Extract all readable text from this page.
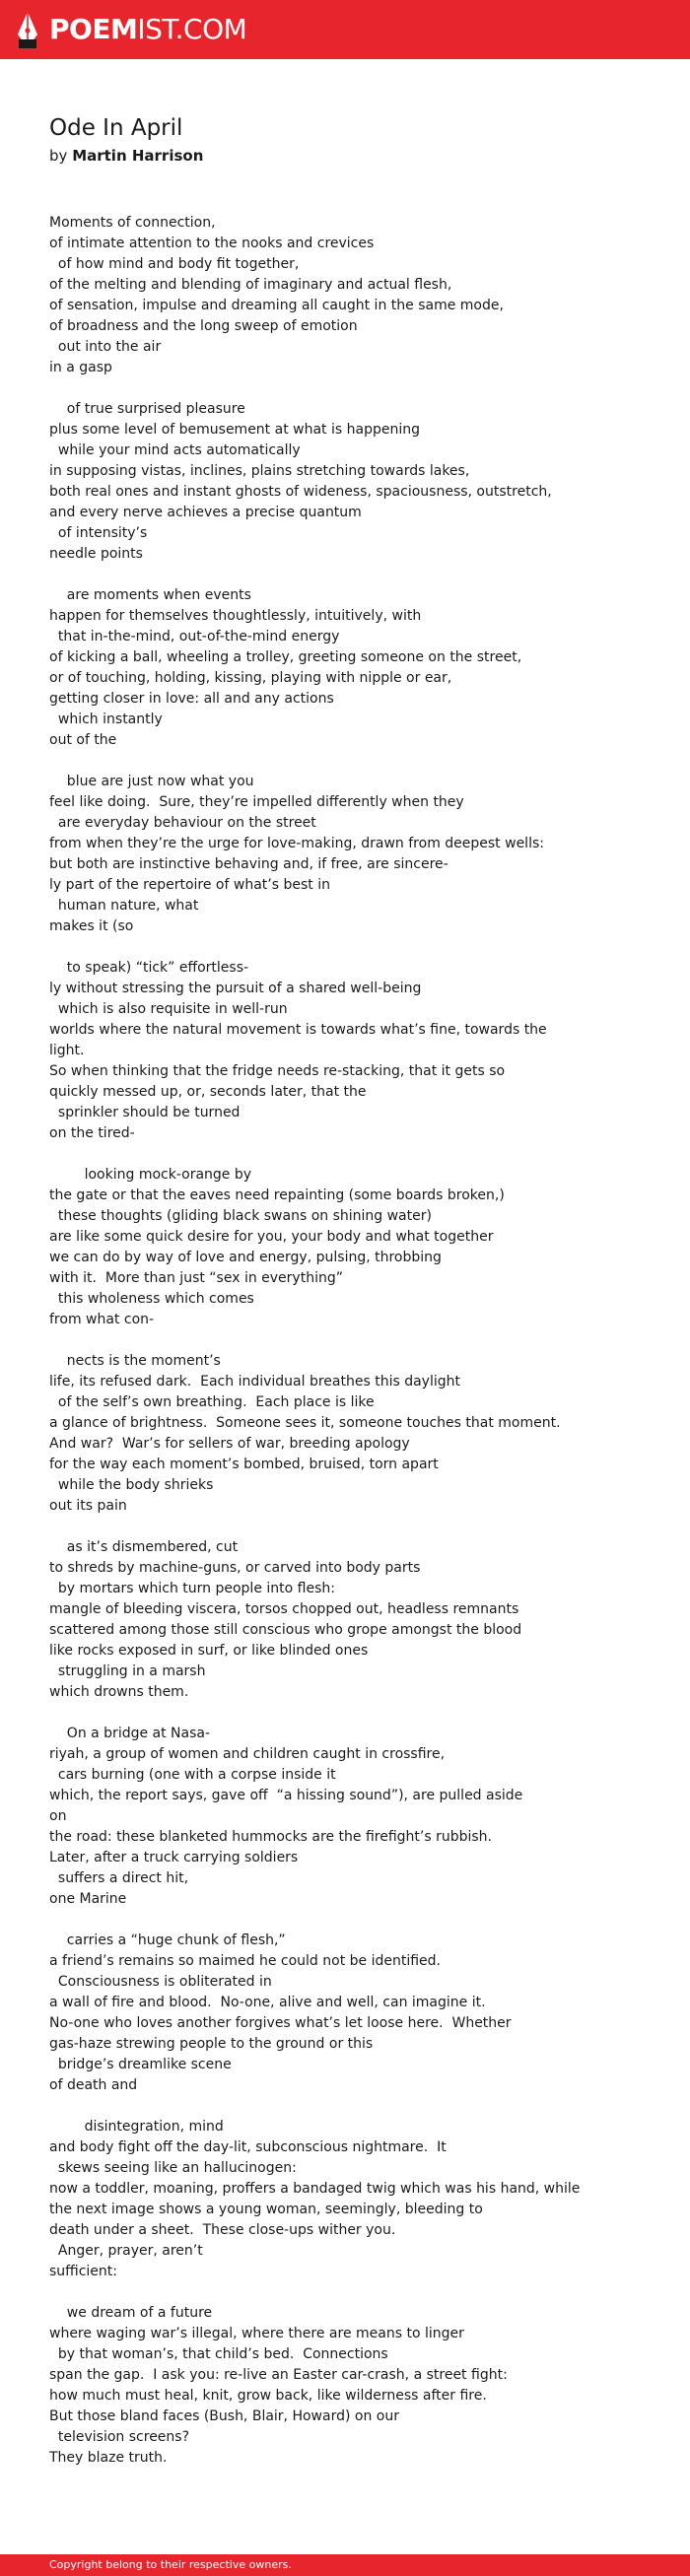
POEMIST.COM
Ode In April
by Martin Harrison
Moments of connection,
of intimate attention to the nooks and crevices
of how mind and body fit together,
of the melting and blending of imaginary and actual flesh,
of sensation, impulse and dreaming all caught in the same mode,
of broadness and the long sweep of emotion
out into the air
in a gasp
of true surprised pleasure
plus some level of bemusement at what is happening
while your mind acts automatically
in supposing vistas, inclines, plains stretching towards lakes,
both real ones and instant ghosts of wideness, spaciousness, outstretch,
and every nerve achieves a precise quantum
of intensity’s
needle points
are moments when events
happen for themselves thoughtlessly, intuitively, with
that in-the-mind, out-of-the-mind energy
of kicking a ball, wheeling a trolley, greeting someone on the street,
or of touching, holding, kissing, playing with nipple or ear,
getting closer in love: all and any actions
which instantly
out of the
blue are just now what you
feel like doing.  Sure, they’re impelled differently when they
are everyday behaviour on the street
from when they’re the urge for love-making, drawn from deepest wells:
but both are instinctive behaving and, if free, are sincere-
ly part of the repertoire of what’s best in
human nature, what
makes it (so
to speak) “tick” effortless-
ly without stressing the pursuit of a shared well-being
which is also requisite in well-run
worlds where the natural movement is towards what’s fine, towards the
light.
So when thinking that the fridge needs re-stacking, that it gets so
quickly messed up, or, seconds later, that the
sprinkler should be turned
on the tired-
looking mock-orange by
the gate or that the eaves need repainting (some boards broken,)
these thoughts (gliding black swans on shining water)
are like some quick desire for you, your body and what together
we can do by way of love and energy, pulsing, throbbing
with it.  More than just “sex in everything”
this wholeness which comes
from what con-
nects is the moment’s
life, its refused dark.  Each individual breathes this daylight
of the self’s own breathing.  Each place is like
a glance of brightness.  Someone sees it, someone touches that moment.
And war?  War’s for sellers of war, breeding apology
for the way each moment’s bombed, bruised, torn apart
while the body shrieks
out its pain
as it’s dismembered, cut
to shreds by machine-guns, or carved into body parts
by mortars which turn people into flesh:
mangle of bleeding viscera, torsos chopped out, headless remnants
scattered among those still conscious who grope amongst the blood
like rocks exposed in surf, or like blinded ones
struggling in a marsh
which drowns them.
On a bridge at Nasa-
riyah, a group of women and children caught in crossfire,
cars burning (one with a corpse inside it
which, the report says, gave off  “a hissing sound”), are pulled aside
on
the road: these blanketed hummocks are the firefight’s rubbish.
Later, after a truck carrying soldiers
suffers a direct hit,
one Marine
carries a “huge chunk of flesh,”
a friend’s remains so maimed he could not be identified.
Consciousness is obliterated in
a wall of fire and blood.  No-one, alive and well, can imagine it.
No-one who loves another forgives what’s let loose here.  Whether
gas-haze strewing people to the ground or this
bridge’s dreamlike scene
of death and
disintegration, mind
and body fight off the day-lit, subconscious nightmare.  It
skews seeing like an hallucinogen:
now a toddler, moaning, proffers a bandaged twig which was his hand, while
the next image shows a young woman, seemingly, bleeding to
death under a sheet.  These close-ups wither you.
Anger, prayer, aren’t
sufficient:
we dream of a future
where waging war’s illegal, where there are means to linger
by that woman’s, that child’s bed.  Connections
span the gap.  I ask you: re-live an Easter car-crash, a street fight:
how much must heal, knit, grow back, like wilderness after fire.
But those bland faces (Bush, Blair, Howard) on our
television screens?
They blaze truth.
Copyright belong to their respective owners.
